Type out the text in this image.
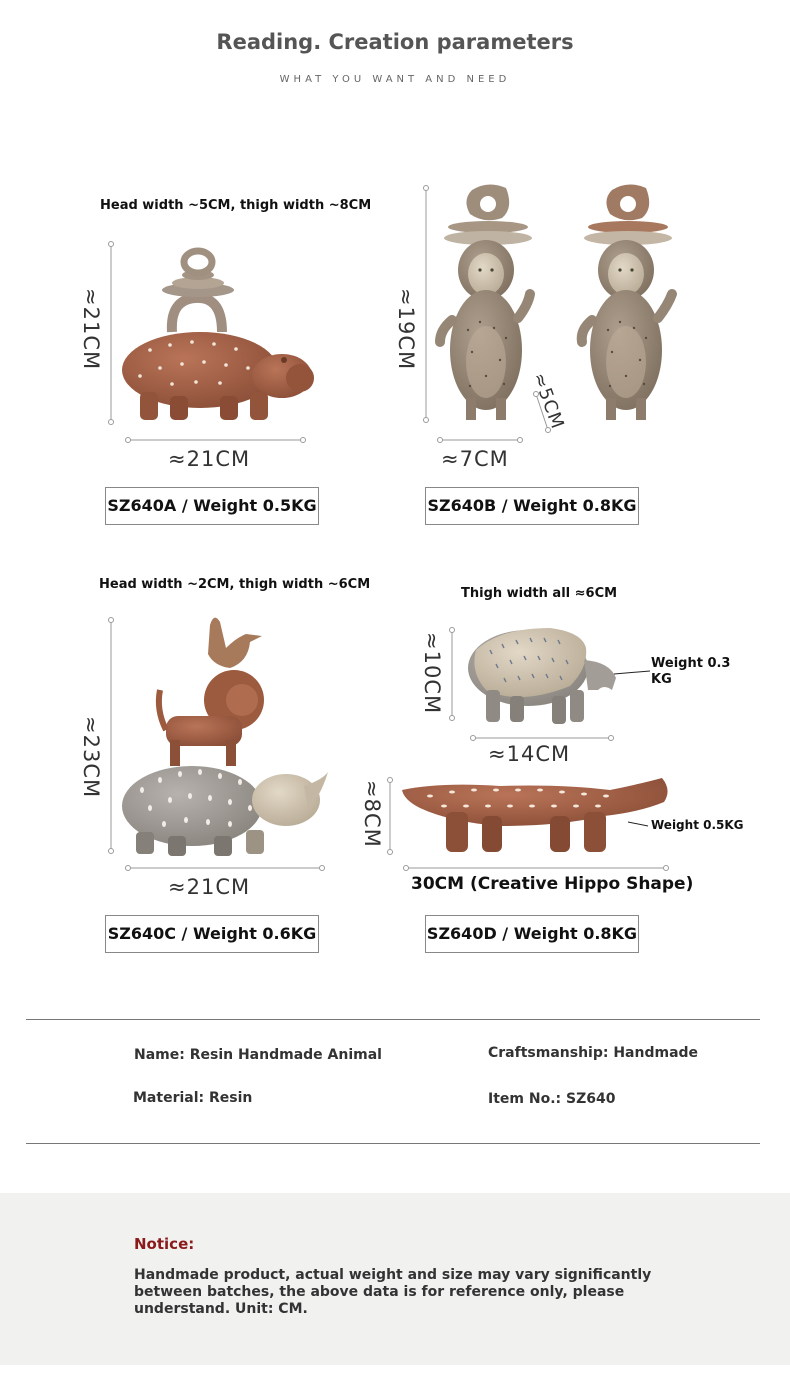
Reading. Creation parameters
WHAT YOU WANT AND NEED
Head width ~5CM, thigh width ~8CM
≈21CM
≈21CM
SZ640A / Weight 0.5KG
≈19CM
≈7CM
≈5CM
SZ640B / Weight 0.8KG
Head width ~2CM, thigh width ~6CM
≈23CM
≈21CM
SZ640C / Weight 0.6KG
Thigh width all ≈6CM
≈10CM
≈14CM
Weight 0.3 KG
≈8CM	Weight 0.5KG
30CM (Creative Hippo Shape)
SZ640D / Weight 0.8KG
Name: Resin Handmade Animal	Craftsmanship: Handmade
Material: Resin	Item No.: SZ640
Notice:
Handmade product, actual weight and size may vary significantly between batches, the above data is for reference only, please understand. Unit: CM.
